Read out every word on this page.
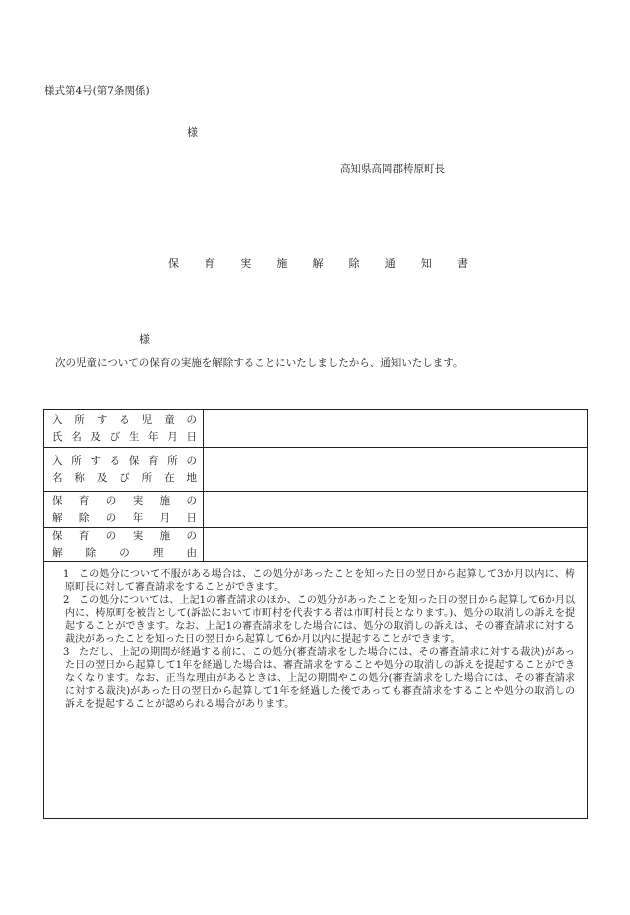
様式第4号(第7条関係)
様
高知県高岡郡梼原町長
保 育 実 施 解 除 通 知 書
様
次の児童についての保育の実施を解除することにいたしましたから、通知いたします。
入所する児童の
氏名及び生年月日
入所する保育所の
名称及び所在地
保育の実施の
解除の年月日
保育の実施の
解除の理由

1 この処分について不服がある場合は、この処分があったことを知った日の翌日から起算して3か月以内に、梼原町長に対して審査請求をすることができます。

2 この処分については、上記1の審査請求のほか、この処分があったことを知った日の翌日から起算して6か月以内に、梼原町を被告として(訴訟において市町村を代表する者は市町村長となります。)、処分の取消しの訴えを提起することができます。なお、上記1の審査請求をした場合には、処分の取消しの訴えは、その審査請求に対する裁決があったことを知った日の翌日から起算して6か月以内に提起することができます。

3 ただし、上記の期間が経過する前に、この処分(審査請求をした場合には、その審査請求に対する裁決)があった日の翌日から起算して1年を経過した場合は、審査請求をすることや処分の取消しの訴えを提起することができなくなります。なお、正当な理由があるときは、上記の期間やこの処分(審査請求をした場合には、その審査請求に対する裁決)があった日の翌日から起算して1年を経過した後であっても審査請求をすることや処分の取消しの訴えを提起することが認められる場合があります。
